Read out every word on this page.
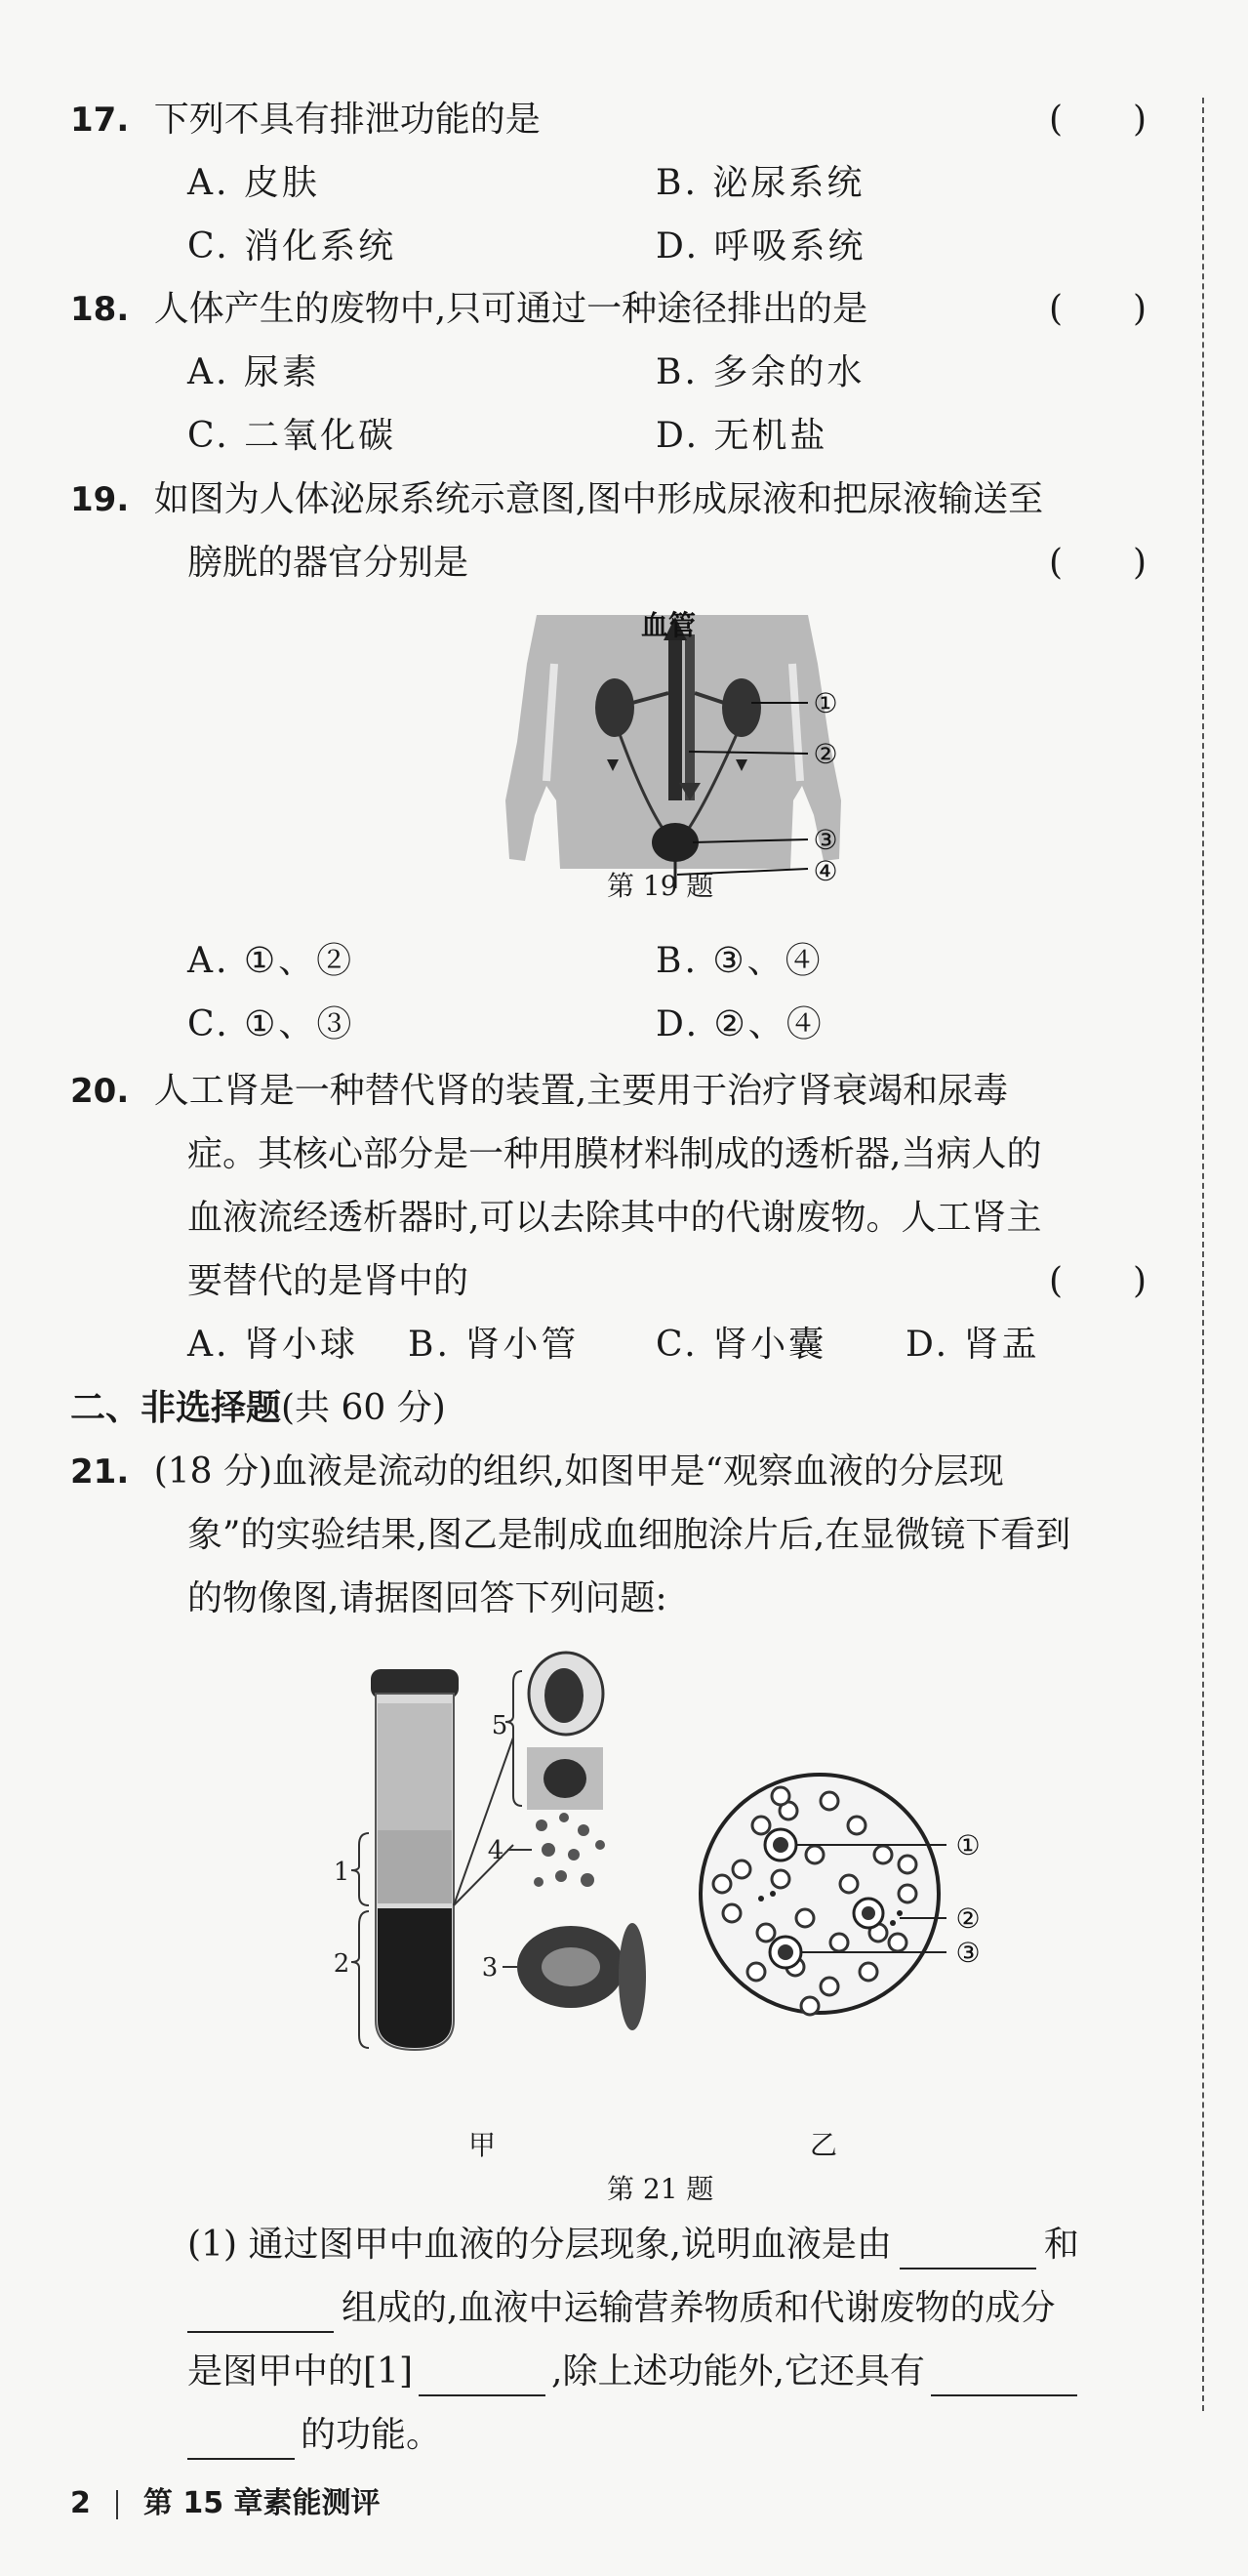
17. 下列不具有排泄功能的是	(　　)
A. 皮肤	B. 泌尿系统
C. 消化系统	D. 呼吸系统
18. 人体产生的废物中,只可通过一种途径排出的是	(　　)
A. 尿素	B. 多余的水
C. 二氧化碳	D. 无机盐
19. 如图为人体泌尿系统示意图,图中形成尿液和把尿液输送至
膀胱的器官分别是	(　　)
血管
①
②
③
④
第 19 题
A. ①、②	B. ③、④
C. ①、③	D. ②、④
20. 人工肾是一种替代肾的装置,主要用于治疗肾衰竭和尿毒
症。其核心部分是一种用膜材料制成的透析器,当病人的
血液流经透析器时,可以去除其中的代谢废物。人工肾主
要替代的是肾中的	(　　)
A. 肾小球 B. 肾小管 C. 肾小囊 D. 肾盂
二、非选择题(共 60 分)
21. (18 分)血液是流动的组织,如图甲是“观察血液的分层现
象”的实验结果,图乙是制成血细胞涂片后,在显微镜下看到
的物像图,请据图回答下列问题:
1
2
5
4
3
①
②
③
甲	乙
第 21 题
(1) 通过图甲中血液的分层现象,说明血液是由	和
组成的,血液中运输营养物质和代谢废物的成分
是图甲中的[1]	,除上述功能外,它还具有
的功能。
2 第 15 章素能测评
